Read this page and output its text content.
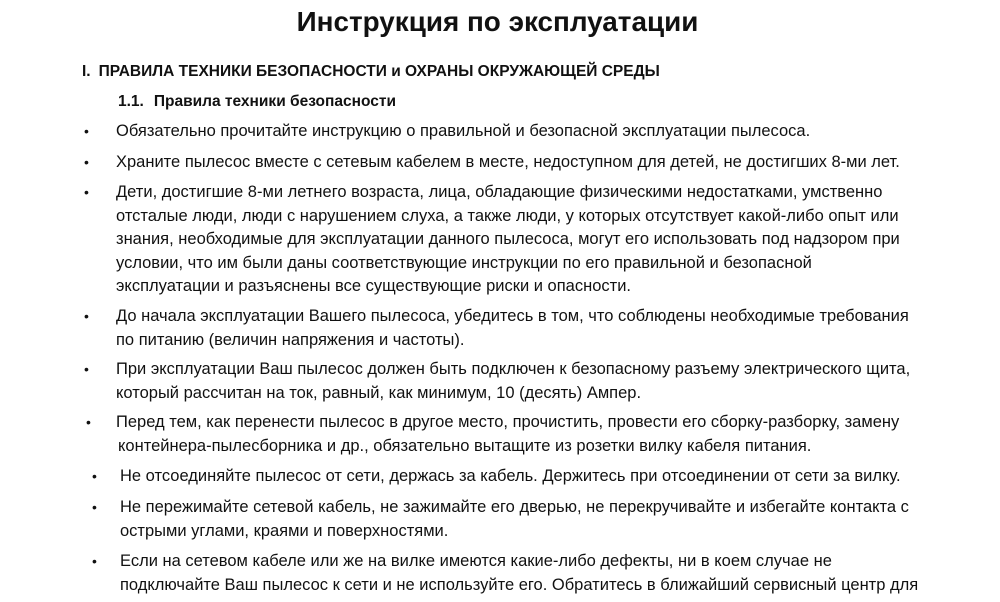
Инструкция по эксплуатации
I. ПРАВИЛА ТЕХНИКИ БЕЗОПАСНОСТИ и ОХРАНЫ ОКРУЖАЮЩЕЙ СРЕДЫ
1.1. Правила техники безопасности
• Обязательно прочитайте инструкцию о правильной и безопасной эксплуатации пылесоса.
• Храните пылесос вместе с сетевым кабелем в месте, недоступном для детей, не достигших 8-ми лет.
• Дети, достигшие 8-ми летнего возраста, лица, обладающие физическими недостатками, умственно
отсталые люди, люди с нарушением слуха, а также люди, у которых отсутствует какой-либо опыт или
знания, необходимые для эксплуатации данного пылесоса, могут его использовать под надзором при
условии, что им были даны соответствующие инструкции по его правильной и безопасной
эксплуатации и разъяснены все существующие риски и опасности.
• До начала эксплуатации Вашего пылесоса, убедитесь в том, что соблюдены необходимые требования
по питанию (величин напряжения и частоты).
• При эксплуатации Ваш пылесос должен быть подключен к безопасному разъему электрического щита,
который рассчитан на ток, равный, как минимум, 10 (десять) Ампер.
• Перед тем, как перенести пылесос в другое место, прочистить, провести его сборку-разборку, замену
контейнера-пылесборника и др., обязательно вытащите из розетки вилку кабеля питания.
• Не отсоединяйте пылесос от сети, держась за кабель. Держитесь при отсоединении от сети за вилку.
• Не пережимайте сетевой кабель, не зажимайте его дверью, не перекручивайте и избегайте контакта с
острыми углами, краями и поверхностями.
• Если на сетевом кабеле или же на вилке имеются какие-либо дефекты, ни в коем случае не
подключайте Ваш пылесос к сети и не используйте его. Обратитесь в ближайший сервисный центр для
